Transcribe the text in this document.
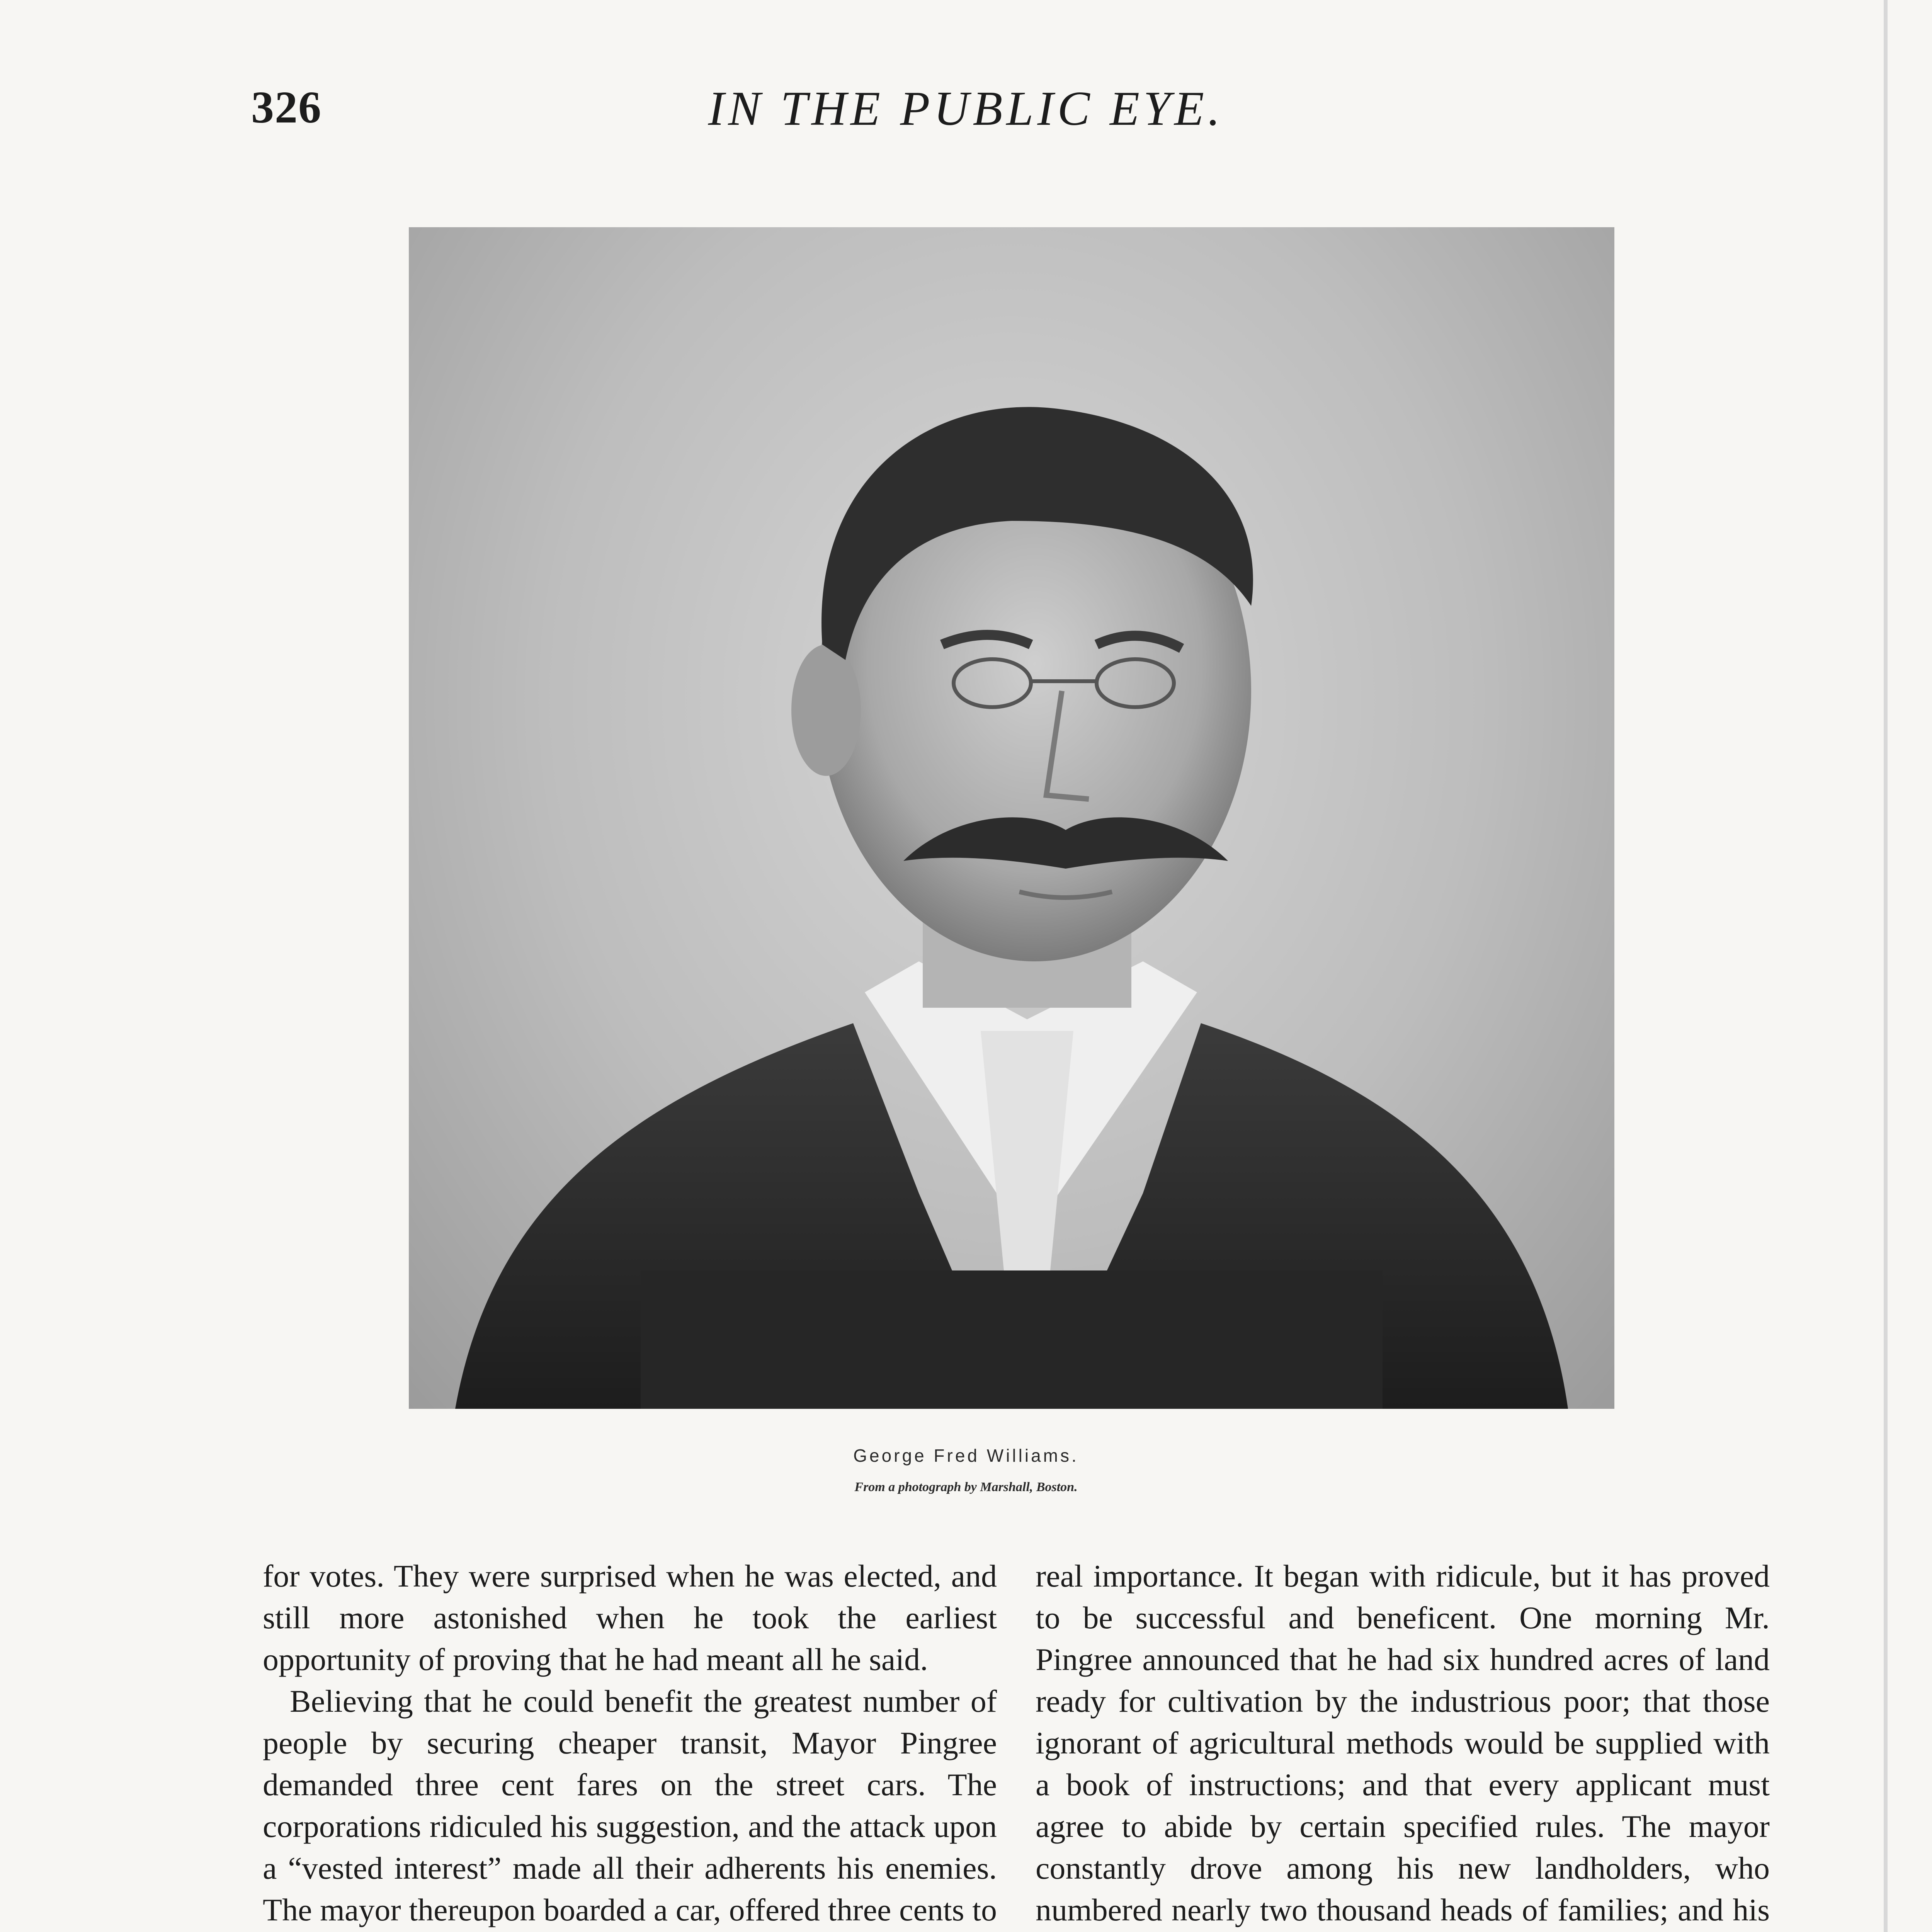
326	IN THE PUBLIC EYE.
George Fred Williams.
From a photograph by Marshall, Boston.

for votes. They were surprised when he was elected, and still more astonished when he took the earliest opportunity of proving that he had meant all he said.

Believing that he could benefit the greatest number of people by securing cheaper transit, Mayor Pingree demanded three cent fares on the street cars. The corporations ridiculed his suggestion, and the attack upon a “vested interest” made all their adherents his enemies. The mayor thereupon boarded a car, offered three cents to

real importance. It began with ridicule, but it has proved to be successful and beneficent. One morning Mr. Pingree announced that he had six hundred acres of land ready for cultivation by the industrious poor; that those ignorant of agricultural methods would be supplied with a book of instructions; and that every applicant must agree to abide by certain specified rules. The mayor constantly drove among his new landholders, who numbered nearly two thousand heads of families; and his
